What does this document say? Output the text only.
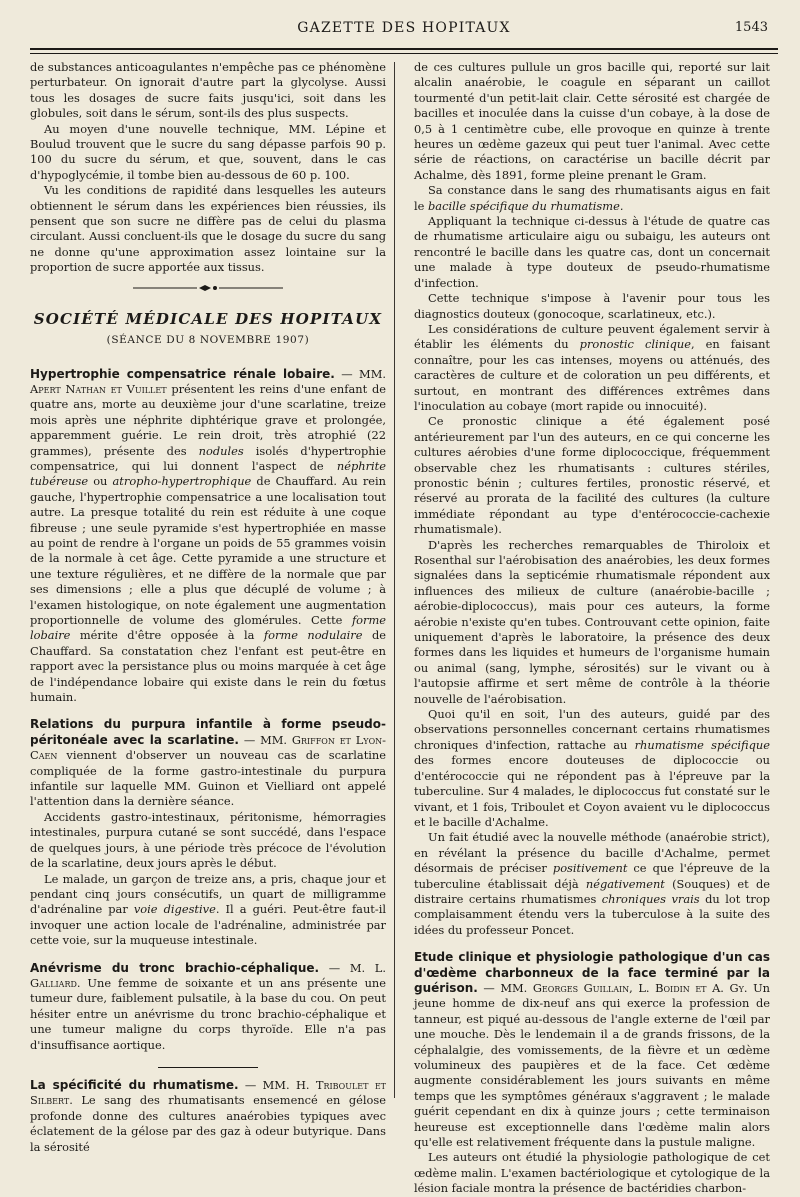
GAZETTE DES HOPITAUX	1543

de substances anticoagulantes n'empêche pas ce phénomène perturbateur. On ignorait d'autre part la glycolyse. Aussi tous les dosages de sucre faits jusqu'ici, soit dans les globules, soit dans le sérum, sont-ils des plus suspects.

Au moyen d'une nouvelle technique, MM. Lépine et Boulud trouvent que le sucre du sang dépasse parfois 90 p. 100 du sucre du sérum, et que, souvent, dans le cas d'hypoglycémie, il tombe bien au-dessous de 60 p. 100.

Vu les conditions de rapidité dans lesquelles les auteurs obtiennent le sérum dans les expériences bien réussies, ils pensent que son sucre ne diffère pas de celui du plasma circulant. Aussi concluent-ils que le dosage du sucre du sang ne donne qu'une approximation assez lointaine sur la proportion de sucre apportée aux tissus.

SOCIÉTÉ MÉDICALE DES HOPITAUX
(SÉANCE DU 8 NOVEMBRE 1907)

Hypertrophie compensatrice rénale lobaire. — MM. Apert Nathan et Vuillet présentent les reins d'une enfant de quatre ans, morte au deuxième jour d'une scarlatine, treize mois après une néphrite diphtérique grave et prolongée, apparemment guérie. Le rein droit, très atrophié (22 grammes), présente des nodules isolés d'hypertrophie compensatrice, qui lui donnent l'aspect de néphrite tubéreuse ou atropho-hypertrophique de Chauffard. Au rein gauche, l'hypertrophie compensatrice a une localisation tout autre. La presque totalité du rein est réduite à une coque fibreuse ; une seule pyramide s'est hypertrophiée en masse au point de rendre à l'organe un poids de 55 grammes voisin de la normale à cet âge. Cette pyramide a une structure et une texture régulières, et ne diffère de la normale que par ses dimensions ; elle a plus que décuplé de volume ; à l'examen histologique, on note également une augmentation proportionnelle de volume des glomérules. Cette forme lobaire mérite d'être opposée à la forme nodulaire de Chauffard. Sa constatation chez l'enfant est peut-être en rapport avec la persistance plus ou moins marquée à cet âge de l'indépendance lobaire qui existe dans le rein du fœtus humain.

Relations du purpura infantile à forme pseudo-péritonéale avec la scarlatine. — MM. Griffon et Lyon-Caen viennent d'observer un nouveau cas de scarlatine compliquée de la forme gastro-intestinale du purpura infantile sur laquelle MM. Guinon et Vielliard ont appelé l'attention dans la dernière séance.

Accidents gastro-intestinaux, péritonisme, hémorragies intestinales, purpura cutané se sont succédé, dans l'espace de quelques jours, à une période très précoce de l'évolution de la scarlatine, deux jours après le début.

Le malade, un garçon de treize ans, a pris, chaque jour et pendant cinq jours consécutifs, un quart de milligramme d'adrénaline par voie digestive. Il a guéri. Peut-être faut-il invoquer une action locale de l'adrénaline, administrée par cette voie, sur la muqueuse intestinale.

Anévrisme du tronc brachio-céphalique. — M. L. Galliard. Une femme de soixante et un ans présente une tumeur dure, faiblement pulsatile, à la base du cou. On peut hésiter entre un anévrisme du tronc brachio-céphalique et une tumeur maligne du corps thyroïde. Elle n'a pas d'insuffisance aortique.

La spécificité du rhumatisme. — MM. H. Triboulet et Silbert. Le sang des rhumatisants ensemencé en gélose profonde donne des cultures anaérobies typiques avec éclatement de la gélose par des gaz à odeur butyrique. Dans la sérosité

de ces cultures pullule un gros bacille qui, reporté sur lait alcalin anaérobie, le coagule en séparant un caillot tourmenté d'un petit-lait clair. Cette sérosité est chargée de bacilles et inoculée dans la cuisse d'un cobaye, à la dose de 0,5 à 1 centimètre cube, elle provoque en quinze à trente heures un œdème gazeux qui peut tuer l'animal. Avec cette série de réactions, on caractérise un bacille décrit par Achalme, dès 1891, forme pleine prenant le Gram.

Sa constance dans le sang des rhumatisants aigus en fait le bacille spécifique du rhumatisme.

Appliquant la technique ci-dessus à l'étude de quatre cas de rhumatisme articulaire aigu ou subaigu, les auteurs ont rencontré le bacille dans les quatre cas, dont un concernait une malade à type douteux de pseudo-rhumatisme d'infection.

Cette technique s'impose à l'avenir pour tous les diagnostics douteux (gonocoque, scarlatineux, etc.).

Les considérations de culture peuvent également servir à établir les éléments du pronostic clinique, en faisant connaître, pour les cas intenses, moyens ou atténués, des caractères de culture et de coloration un peu différents, et surtout, en montrant des différences extrêmes dans l'inoculation au cobaye (mort rapide ou innocuité).

Ce pronostic clinique a été également posé antérieurement par l'un des auteurs, en ce qui concerne les cultures aérobies d'une forme diplococcique, fréquemment observable chez les rhumatisants : cultures stériles, pronostic bénin ; cultures fertiles, pronostic réservé, et réservé au prorata de la facilité des cultures (la culture immédiate répondant au type d'entérococcie-cachexie rhumatismale).

D'après les recherches remarquables de Thiroloix et Rosenthal sur l'aérobisation des anaérobies, les deux formes signalées dans la septicémie rhumatismale répondent aux influences des milieux de culture (anaérobie-bacille ; aérobie-diplococcus), mais pour ces auteurs, la forme aérobie n'existe qu'en tubes. Controuvant cette opinion, faite uniquement d'après le laboratoire, la présence des deux formes dans les liquides et humeurs de l'organisme humain ou animal (sang, lymphe, sérosités) sur le vivant ou à l'autopsie affirme et sert même de contrôle à la théorie nouvelle de l'aérobisation.

Quoi qu'il en soit, l'un des auteurs, guidé par des observations personnelles concernant certains rhumatismes chroniques d'infection, rattache au rhumatisme spécifique des formes encore douteuses de diplococcie ou d'entérococcie qui ne répondent pas à l'épreuve par la tuberculine. Sur 4 malades, le diplococcus fut constaté sur le vivant, et 1 fois, Triboulet et Coyon avaient vu le diplococcus et le bacille d'Achalme.

Un fait étudié avec la nouvelle méthode (anaérobie strict), en révélant la présence du bacille d'Achalme, permet désormais de préciser positivement ce que l'épreuve de la tuberculine établissait déjà négativement (Souques) et de distraire certains rhumatismes chroniques vrais du lot trop complaisamment étendu vers la tuberculose à la suite des idées du professeur Poncet.

Etude clinique et physiologie pathologique d'un cas d'œdème charbonneux de la face terminé par la guérison. — MM. Georges Guillain, L. Boidin et A. Gy. Un jeune homme de dix-neuf ans qui exerce la profession de tanneur, est piqué au-dessous de l'angle externe de l'œil par une mouche. Dès le lendemain il a de grands frissons, de la céphalalgie, des vomissements, de la fièvre et un œdème volumineux des paupières et de la face. Cet œdème augmente considérablement les jours suivants en même temps que les symptômes généraux s'aggravent ; le malade guérit cependant en dix à quinze jours ; cette terminaison heureuse est exceptionnelle dans l'œdème malin alors qu'elle est relativement fréquente dans la pustule maligne.

Les auteurs ont étudié la physiologie pathologique de cet œdème malin. L'examen bactériologique et cytologique de la lésion faciale montra la présence de bactéridies charbon-
